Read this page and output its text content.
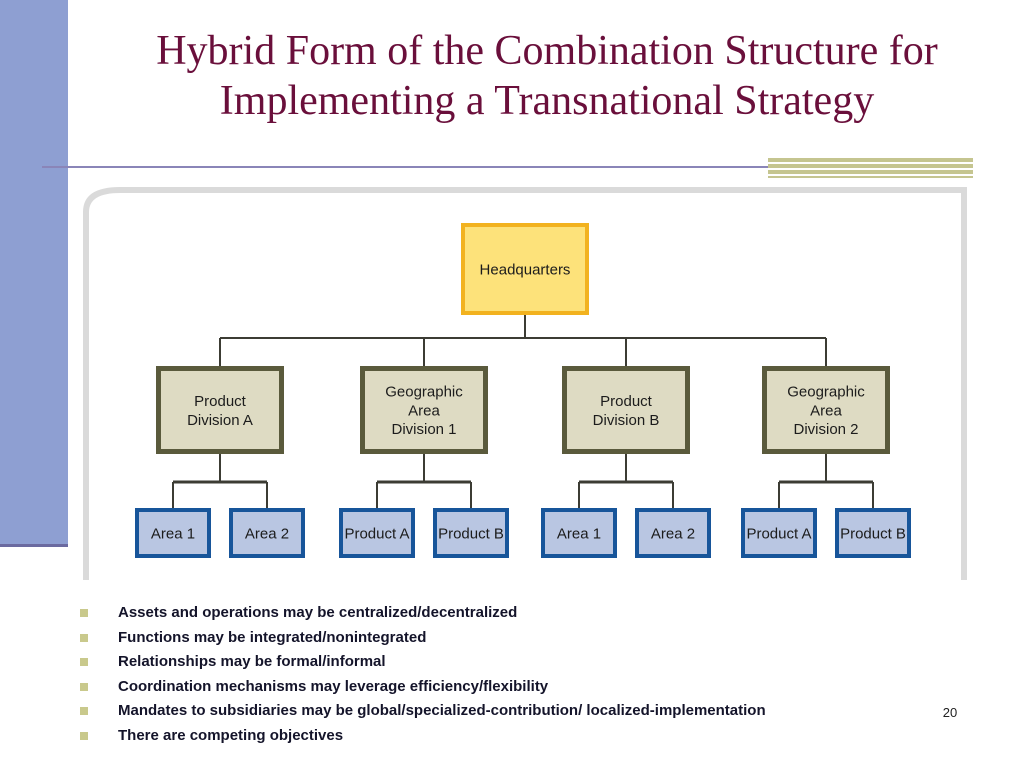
Hybrid Form of the Combination Structure for
Implementing a Transnational Strategy
Headquarters
Product
Division A
Area 1	Area 2
Geographic
Area
Division 1
Product A Product B
Product
Division B
Area 1	Area 2
Geographic
Area
Division 2
Product A Product B
Assets and operations may be centralized/decentralized
Functions may be integrated/nonintegrated
Relationships may be formal/informal
Coordination mechanisms may leverage efficiency/flexibility
Mandates to subsidiaries may be global/specialized-contribution/ localized-implementation
There are competing objectives
20
